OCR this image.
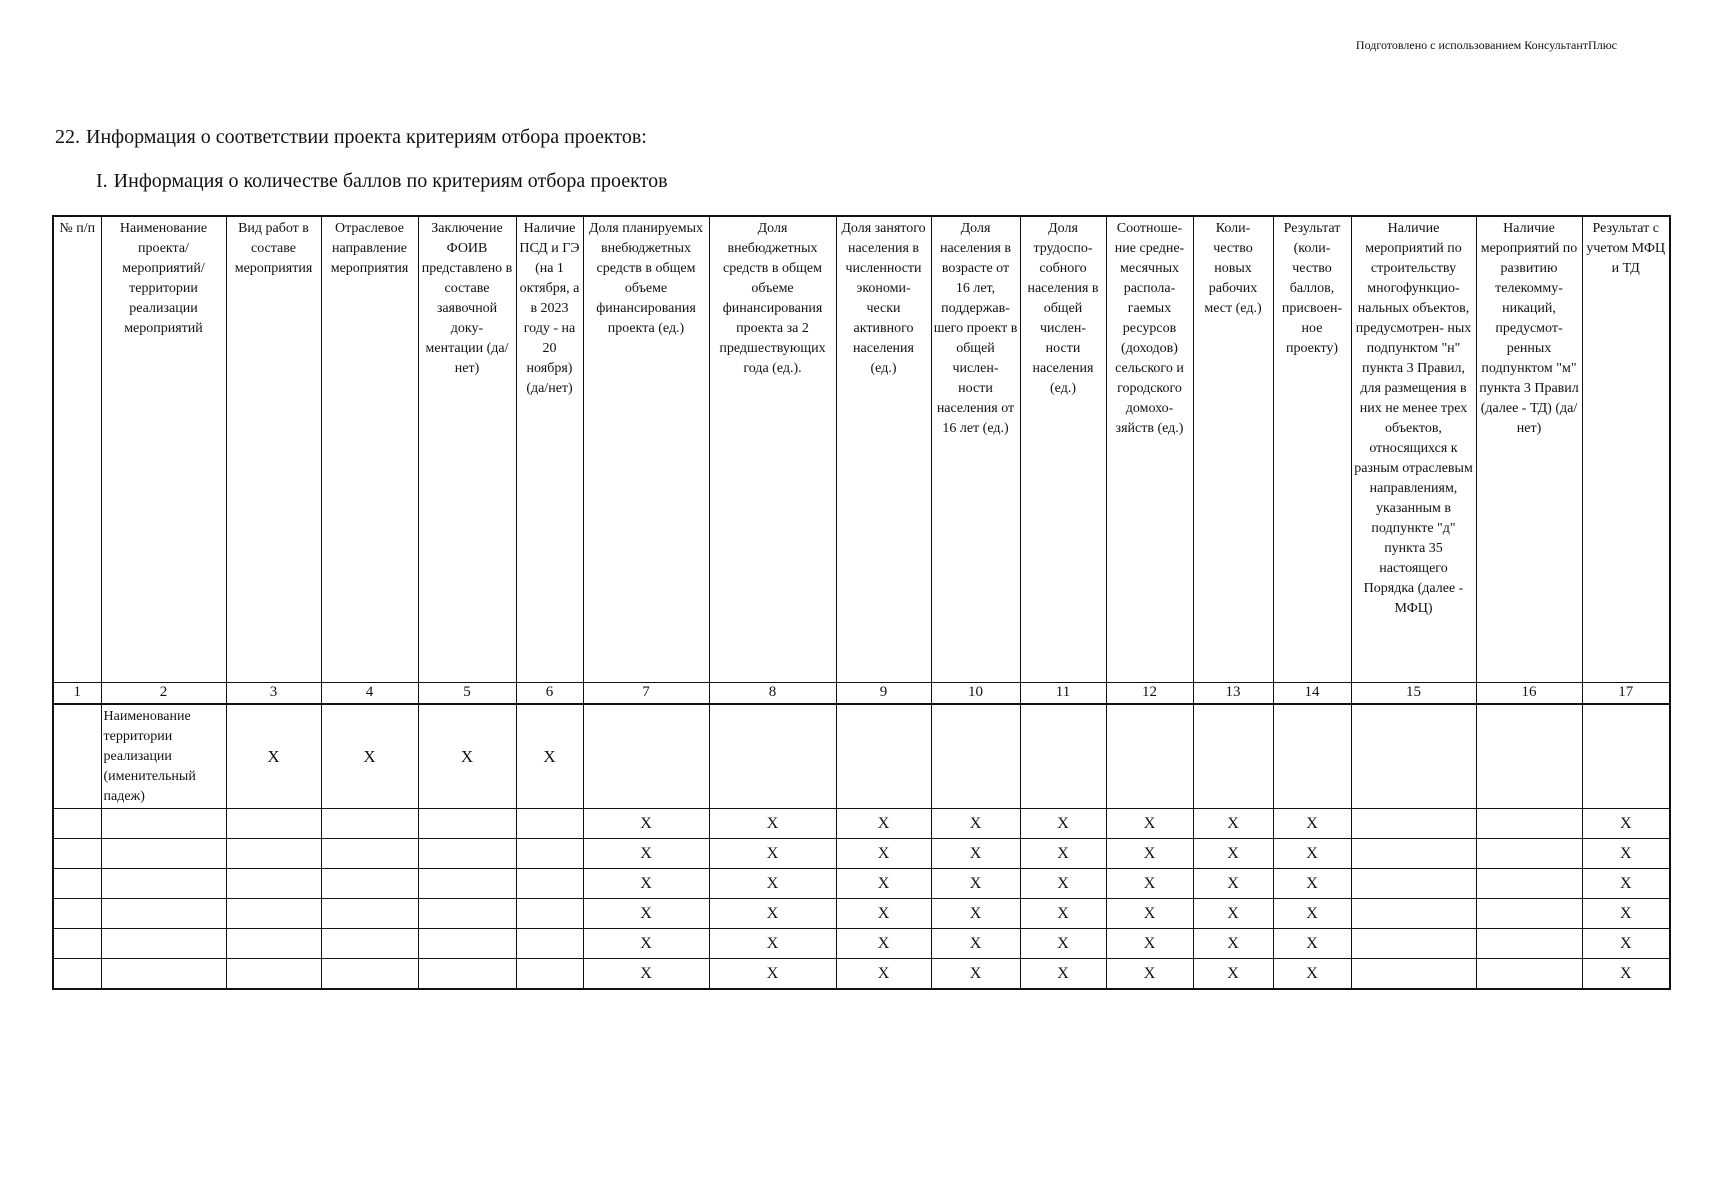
Подготовлено с использованием КонсультантПлюс
22. Информация о соответствии проекта критериям отбора проектов:
I. Информация о количестве баллов по критериям отбора проектов
№ п/п	Наименование проекта/ мероприятий/ территории реализации мероприятий	Вид работ в составе мероприятия	Отраслевое направление мероприятия	Заключение ФОИВ представлено в составе заявочной доку- ментации (да/нет)	Наличие ПСД и ГЭ (на 1 октября, а в 2023 году - на 20 ноября) (да/нет)	Доля планируемых внебюджетных средств в общем объеме финансирования проекта (ед.)	Доля внебюджетных средств в общем объеме финансирования проекта за 2 предшествующих года (ед.).	Доля занятого населения в численности экономи- чески активного населения (ед.)	Доля населения в возрасте от 16 лет, поддержав- шего проект в общей числен- ности населения от 16 лет (ед.)	Доля трудоспо- собного населения в общей числен- ности населения (ед.)	Соотноше- ние средне- месячных распола- гаемых ресурсов (доходов) сельского и городского домохо- зяйств (ед.)	Коли- чество новых рабочих мест (ед.)	Результат (коли- чество баллов, присвоен- ное проекту)	Наличие мероприятий по строительству многофункцио- нальных объектов, предусмотрен- ных подпунктом "н" пункта 3 Правил, для размещения в них не менее трех объектов, относящихся к разным отраслевым направлениям, указанным в подпункте "д" пункта 35 настоящего Порядка (далее - МФЦ)	Наличие мероприятий по развитию телекомму- никаций, предусмот- ренных подпунктом "м" пункта 3 Правил (далее - ТД) (да/нет)	Результат с учетом МФЦ и ТД
1	2	3	4	5	6	7	8	9	10	11	12	13	14	15	16	17
	Наименование территории реализации (именительный падеж)	Х	Х	Х	Х											
						Х	Х	Х	Х	Х	Х	Х	Х			Х
						Х	Х	Х	Х	Х	Х	Х	Х			Х
						Х	Х	Х	Х	Х	Х	Х	Х			Х
						Х	Х	Х	Х	Х	Х	Х	Х			Х
						Х	Х	Х	Х	Х	Х	Х	Х			Х
						Х	Х	Х	Х	Х	Х	Х	Х			Х
